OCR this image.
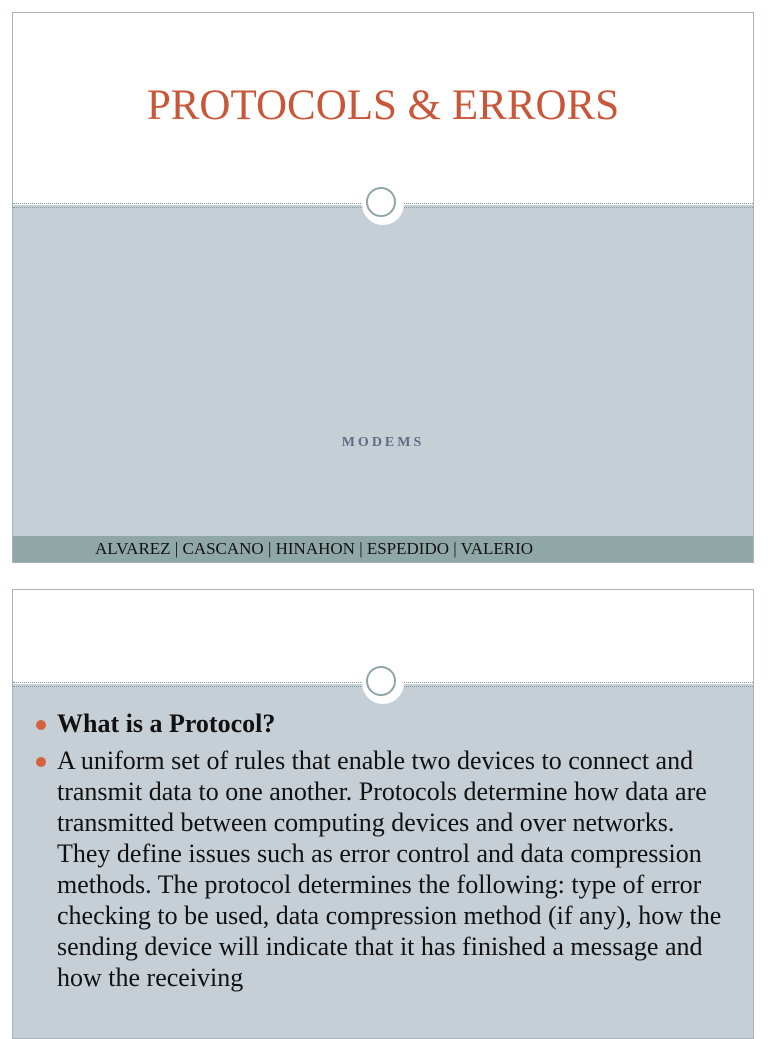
PROTOCOLS & ERRORS
MODEMS
ALVAREZ | CASCANO | HINAHON | ESPEDIDO | VALERIO
What is a Protocol?
A uniform set of rules that enable two devices to connect and transmit data to one another. Protocols determine how data are transmitted between computing devices and over networks. They define issues such as error control and data compression methods. The protocol determines the following: type of error checking to be used, data compression method (if any), how the sending device will indicate that it has finished a message and how the receiving
